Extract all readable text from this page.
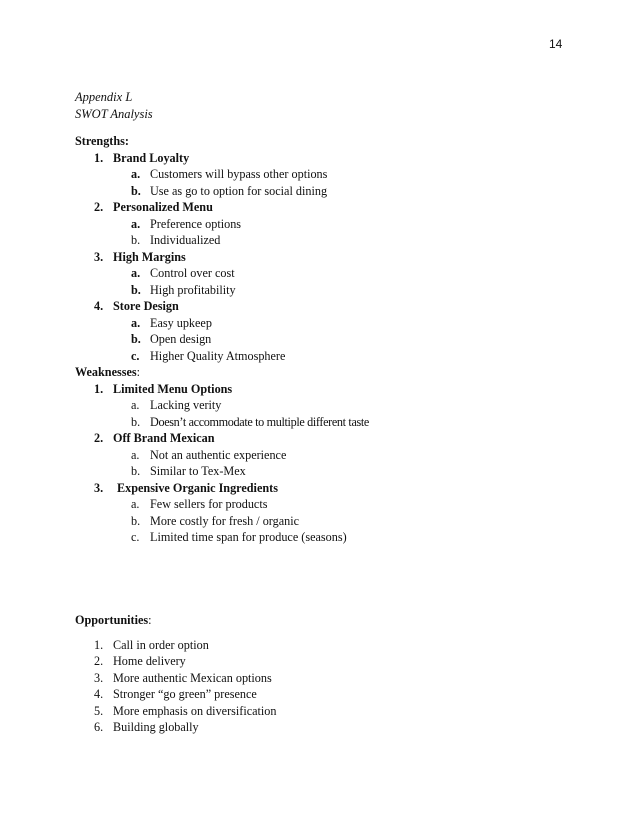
14
Appendix L
SWOT Analysis
Strengths:
1. Brand Loyalty
a. Customers will bypass other options
b. Use as go to option for social dining
2. Personalized Menu
a. Preference options
b. Individualized
3. High Margins
a. Control over cost
b. High profitability
4. Store Design
a. Easy upkeep
b. Open design
c. Higher Quality Atmosphere
Weaknesses:
1. Limited Menu Options
a. Lacking verity
b. Doesn’t accommodate to multiple different taste
2. Off Brand Mexican
a. Not an authentic experience
b. Similar to Tex-Mex
3. Expensive Organic Ingredients
a. Few sellers for products
b. More costly for fresh / organic
c. Limited time span for produce (seasons)
Opportunities:
1. Call in order option
2. Home delivery
3. More authentic Mexican options
4. Stronger “go green” presence
5. More emphasis on diversification
6. Building globally
